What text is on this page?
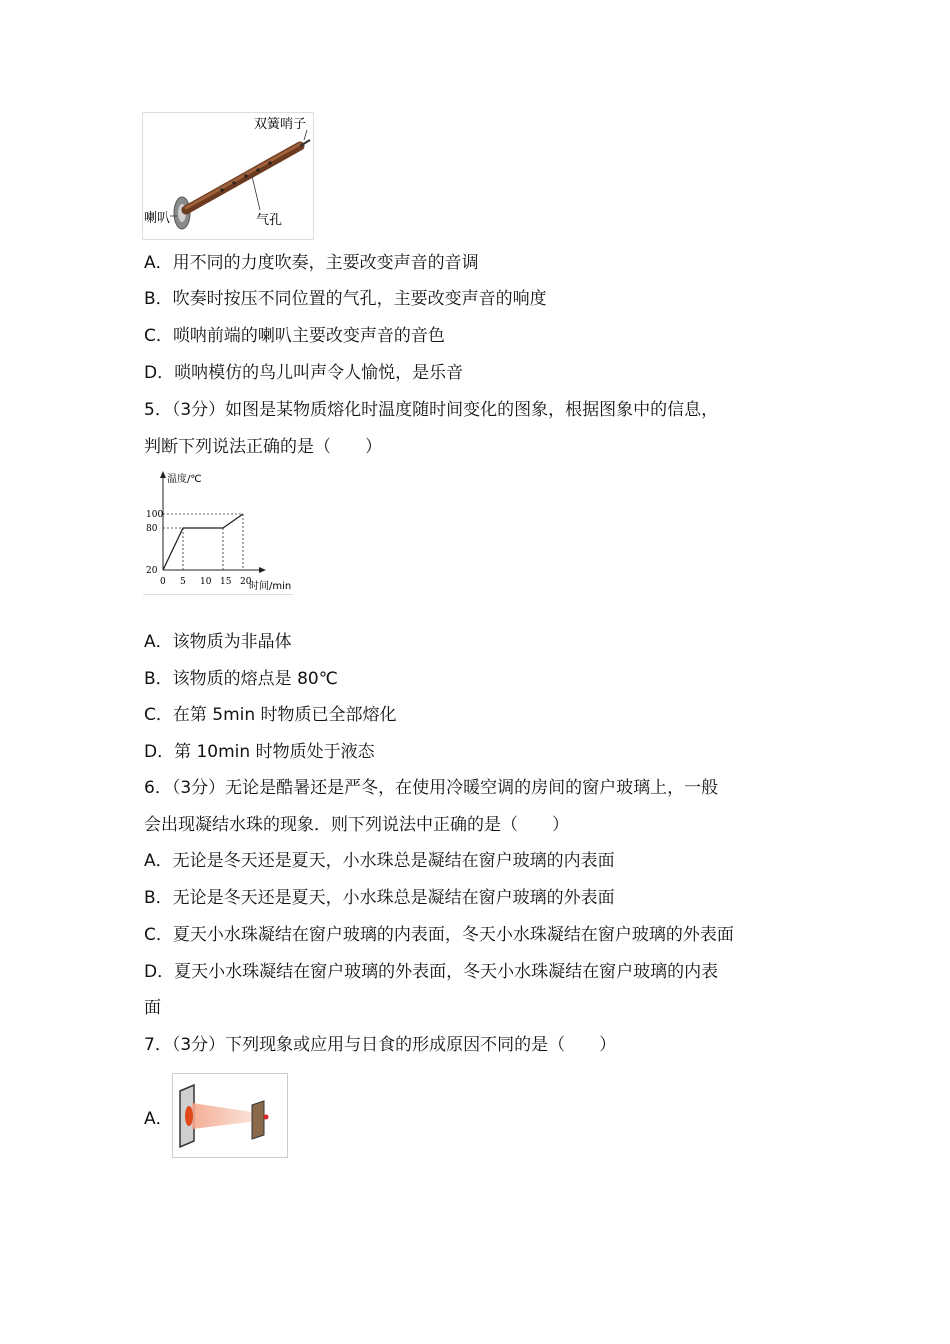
双簧哨子
喇叭	气孔
A．用不同的力度吹奏，主要改变声音的音调
B．吹奏时按压不同位置的气孔，主要改变声音的响度
C．唢呐前端的喇叭主要改变声音的音色
D．唢呐模仿的鸟儿叫声令人愉悦，是乐音
5．（3分）如图是某物质熔化时温度随时间变化的图象，根据图象中的信息，
判断下列说法正确的是（　　）
温度/℃
时间/min
0 5 10 15 20
20
80
100
A．该物质为非晶体
B．该物质的熔点是 80℃
C．在第 5min 时物质已全部熔化
D．第 10min 时物质处于液态
6．（3分）无论是酷暑还是严冬，在使用冷暖空调的房间的窗户玻璃上，一般
会出现凝结水珠的现象．则下列说法中正确的是（　　）
A．无论是冬天还是夏天，小水珠总是凝结在窗户玻璃的内表面
B．无论是冬天还是夏天，小水珠总是凝结在窗户玻璃的外表面
C．夏天小水珠凝结在窗户玻璃的内表面，冬天小水珠凝结在窗户玻璃的外表面
D．夏天小水珠凝结在窗户玻璃的外表面，冬天小水珠凝结在窗户玻璃的内表
面
7．（3分）下列现象或应用与日食的形成原因不同的是（　　）
A．
